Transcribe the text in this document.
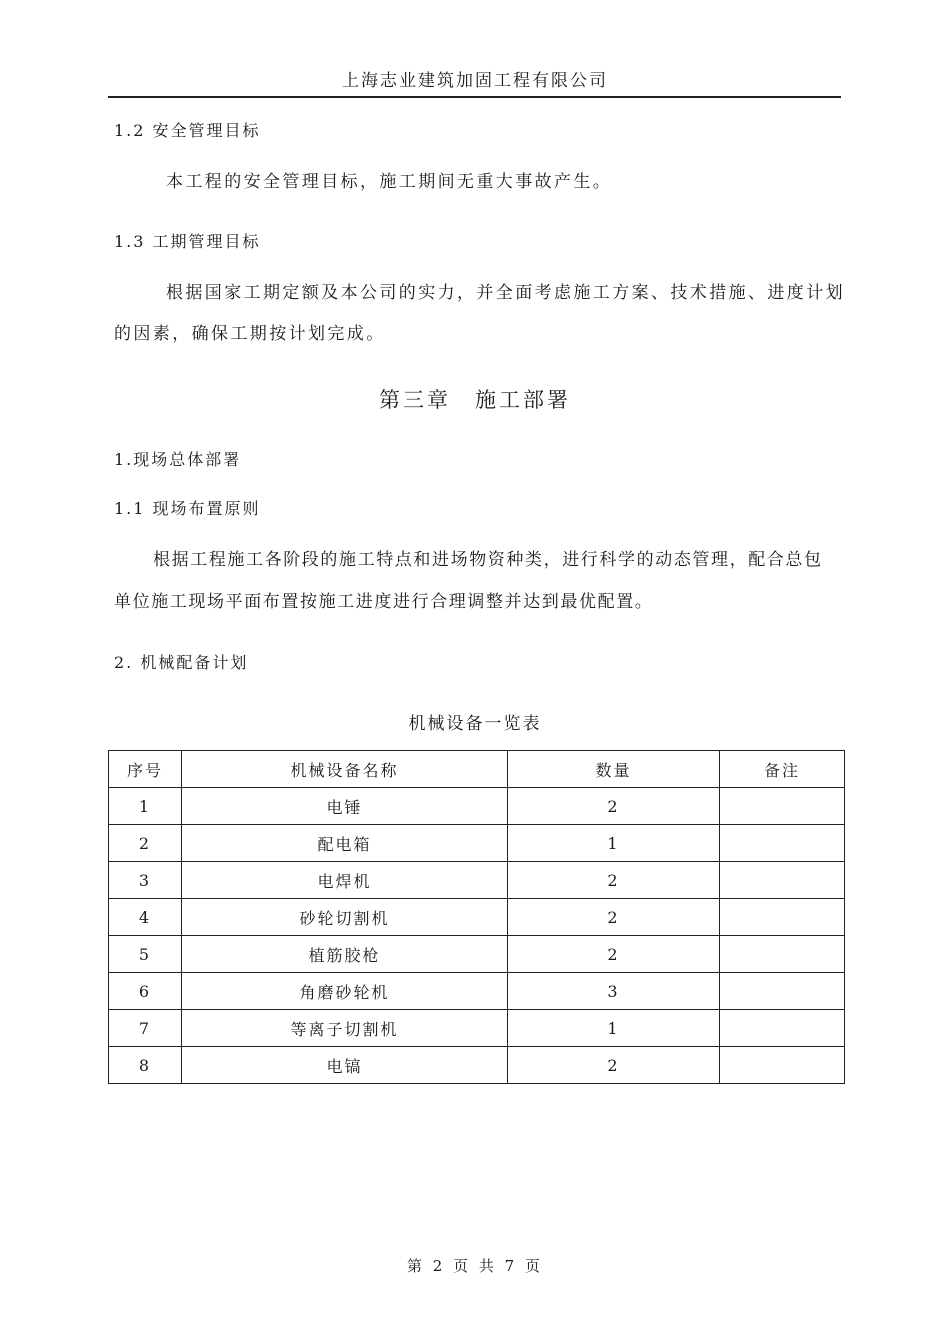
上海志业建筑加固工程有限公司
1.2 安全管理目标
本工程的安全管理目标，施工期间无重大事故产生。
1.3 工期管理目标
根据国家工期定额及本公司的实力，并全面考虑施工方案、技术措施、进度计划
的因素，确保工期按计划完成。
第三章　施工部署
1.现场总体部署
1.1 现场布置原则
根据工程施工各阶段的施工特点和进场物资种类，进行科学的动态管理，配合总包
单位施工现场平面布置按施工进度进行合理调整并达到最优配置。
2. 机械配备计划
机械设备一览表
序号	机械设备名称	数量	备注
1	电锤	2	
2	配电箱	1	
3	电焊机	2	
4	砂轮切割机	2	
5	植筋胶枪	2	
6	角磨砂轮机	3	
7	等离子切割机	1	
8	电镐	2	
第 2 页 共 7 页
